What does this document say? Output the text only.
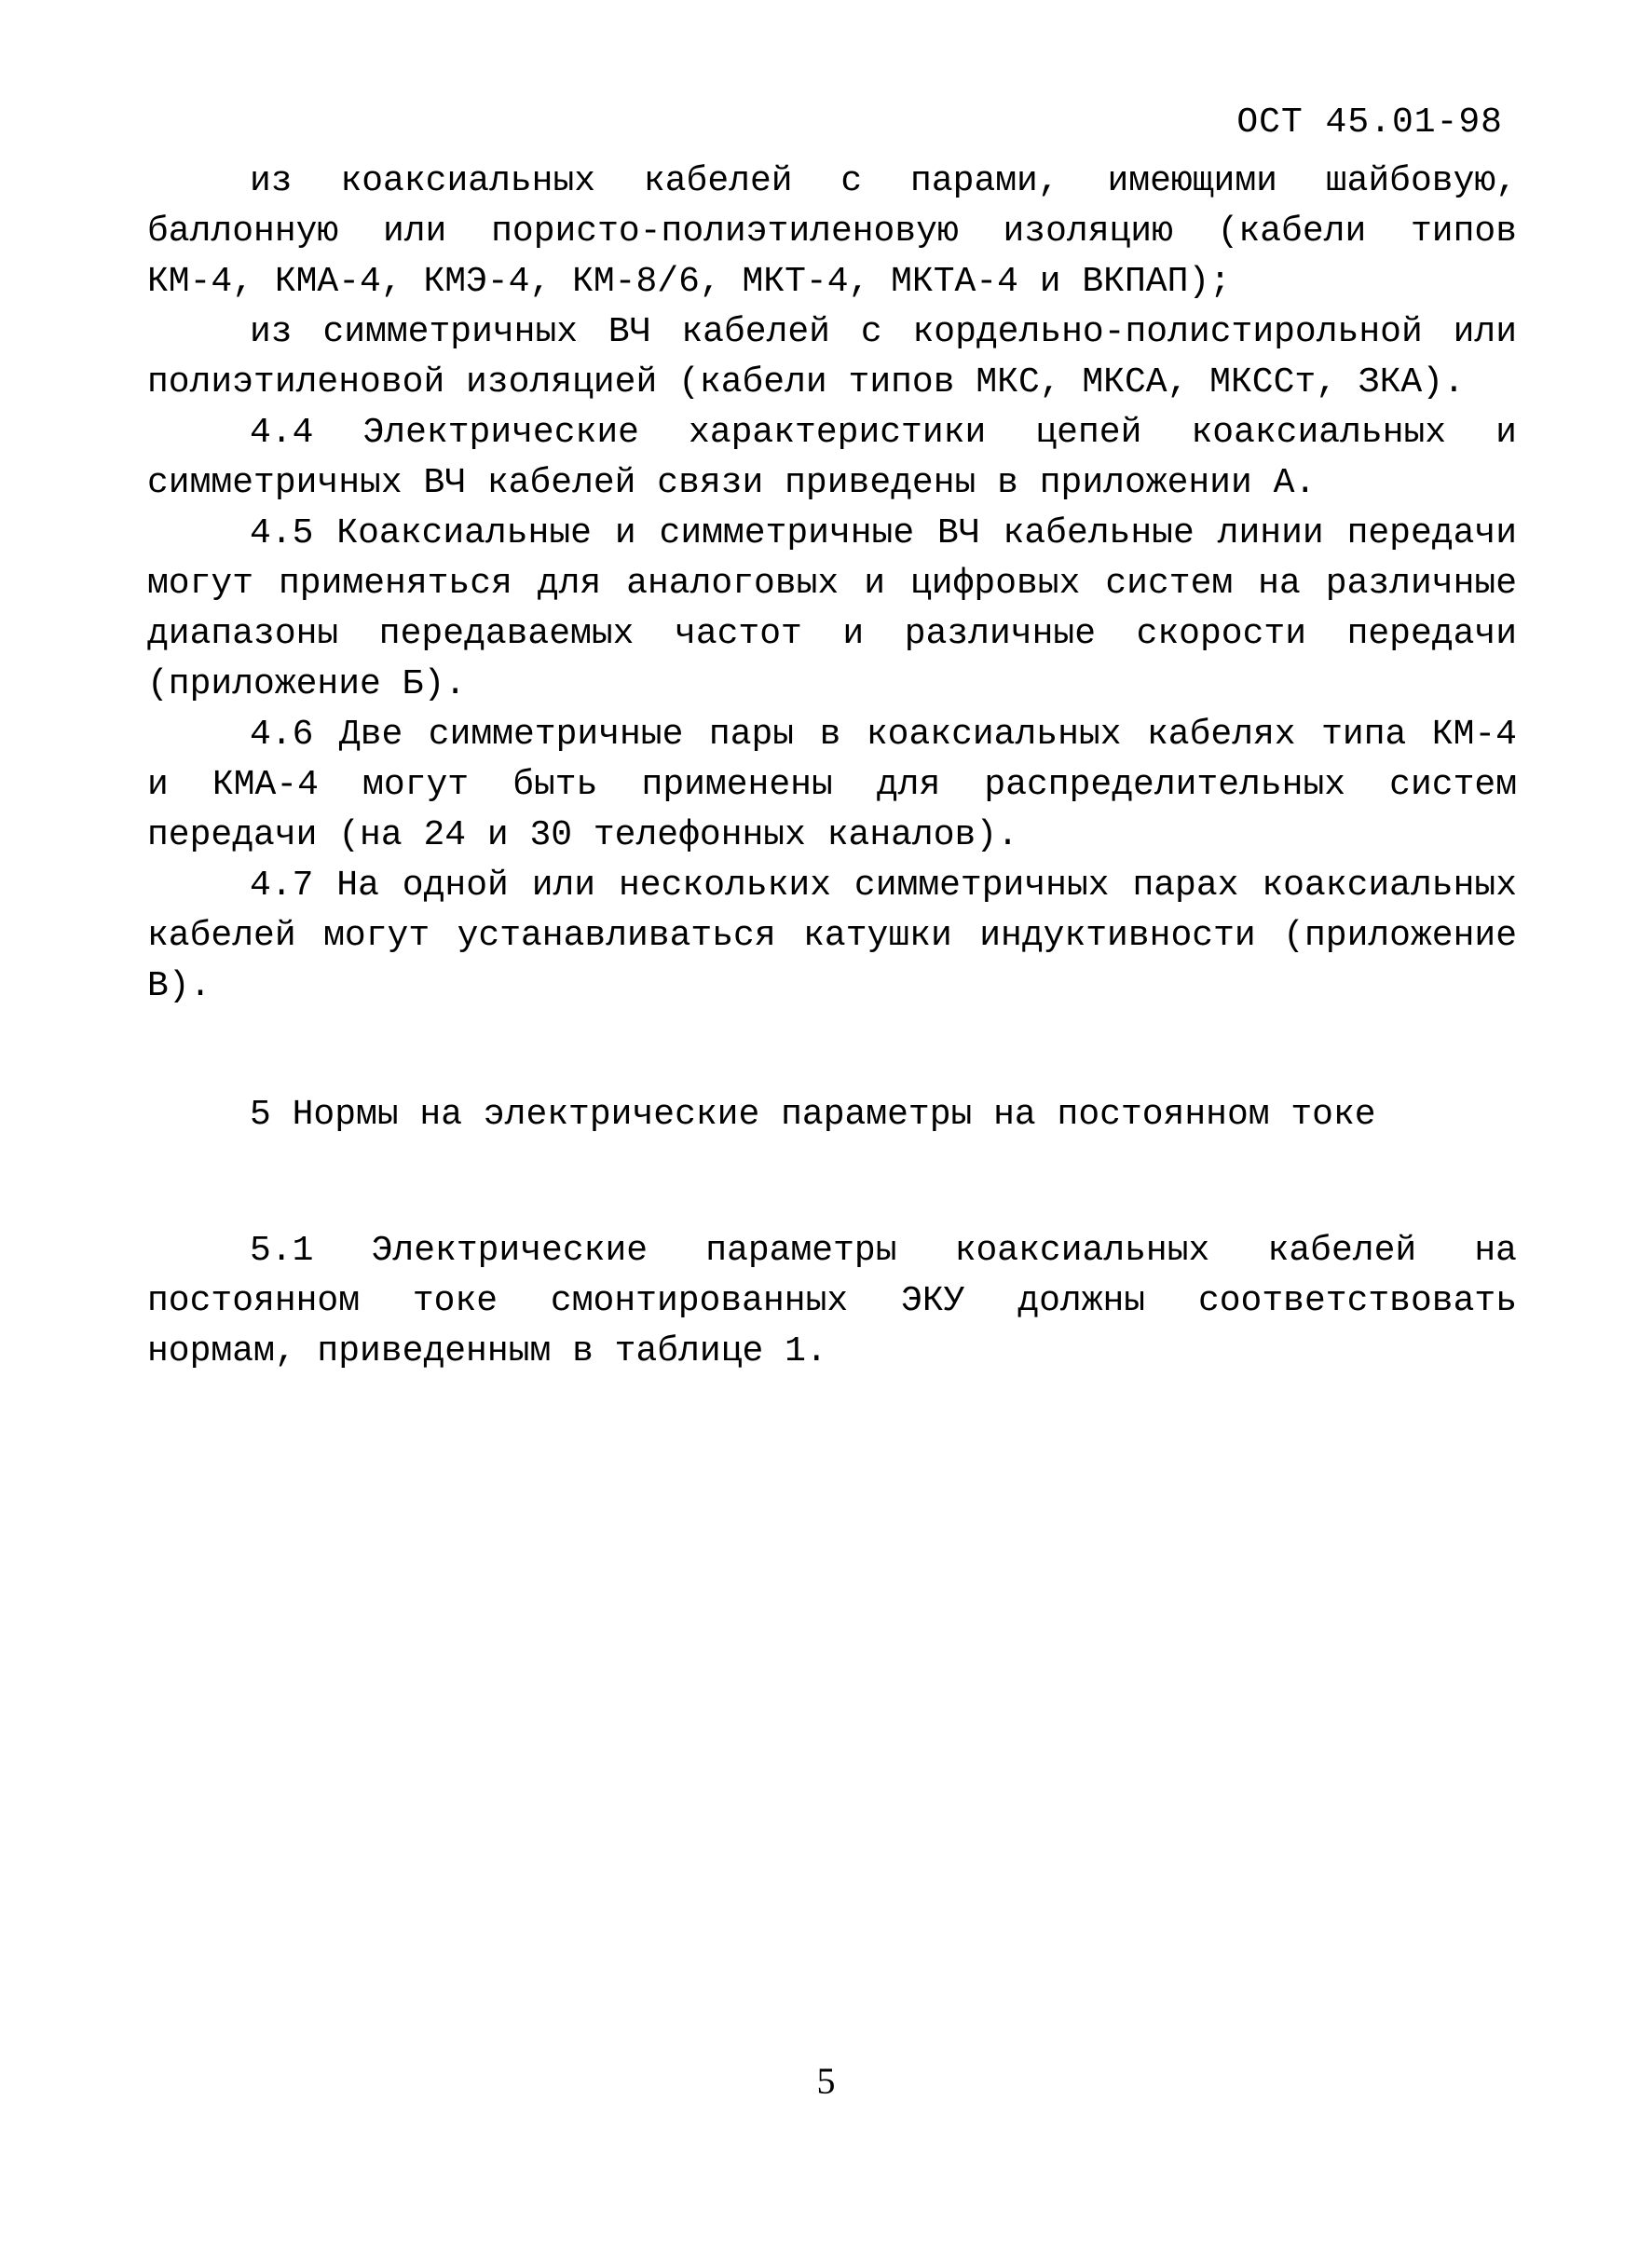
ОСТ 45.01-98

из коаксиальных кабелей с парами, имеющими шайбовую, баллонную или пористо-полиэтиленовую изоляцию (кабели типов КМ-4, КМА-4, КМЭ-4, КМ-8/6, МКТ-4, МКТА-4 и ВКПАП);

из симметричных ВЧ кабелей с кордельно-полистирольной или полиэтиленовой изоляцией (кабели типов МКС, МКСА, МКССт, ЗКА).

4.4 Электрические характеристики цепей коаксиальных и симметричных ВЧ кабелей связи приведены в приложении А.

4.5 Коаксиальные и симметричные ВЧ кабельные линии передачи могут применяться для аналоговых и цифровых систем на различные диапазоны передаваемых частот и различные скорости передачи (приложение Б).

4.6 Две симметричные пары в коаксиальных кабелях типа КМ-4 и КМА-4 могут быть применены для распределительных систем передачи (на 24 и 30 телефонных каналов).

4.7 На одной или нескольких симметричных парах коаксиальных кабелей могут устанавливаться катушки индуктивности (приложение В).

5 Нормы на электрические параметры на постоянном токе

5.1 Электрические параметры коаксиальных кабелей на постоянном токе смонтированных ЭКУ должны соответствовать нормам, приведенным в таблице 1.

5
